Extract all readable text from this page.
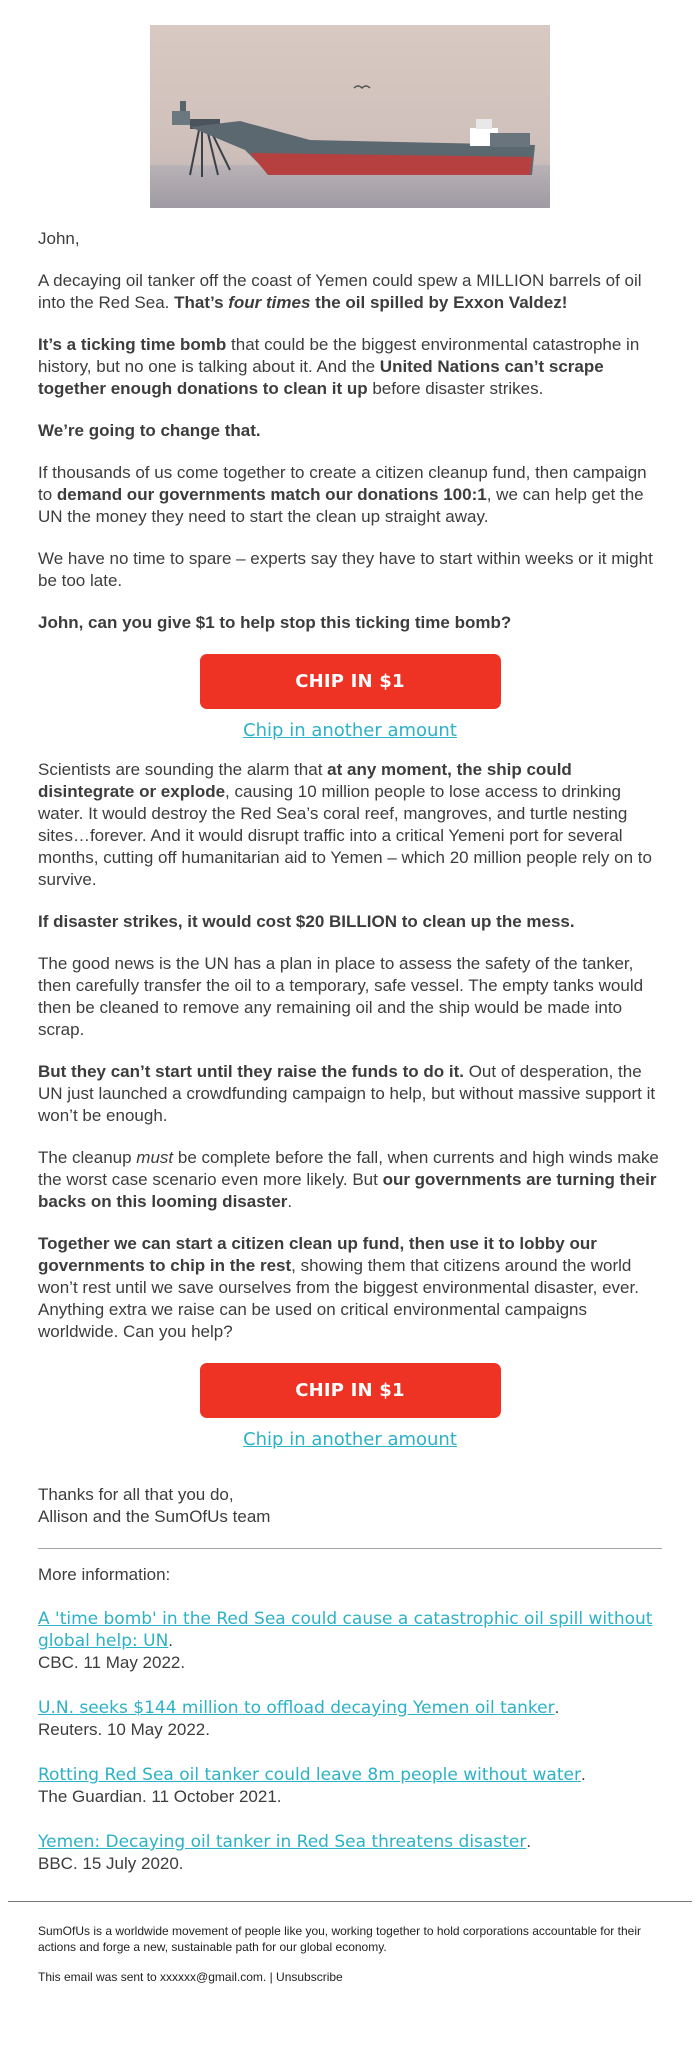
John,

A decaying oil tanker off the coast of Yemen could spew a MILLION barrels of oil into the Red Sea. That’s four times the oil spilled by Exxon Valdez!

It’s a ticking time bomb that could be the biggest environmental catastrophe in history, but no one is talking about it. And the United Nations can’t scrape together enough donations to clean it up before disaster strikes.

We’re going to change that.

If thousands of us come together to create a citizen cleanup fund, then campaign to demand our governments match our donations 100:1, we can help get the UN the money they need to start the clean up straight away.

We have no time to spare – experts say they have to start within weeks or it might be too late.

John, can you give $1 to help stop this ticking time bomb?

CHIP IN $1
Chip in another amount

Scientists are sounding the alarm that at any moment, the ship could disintegrate or explode, causing 10 million people to lose access to drinking water. It would destroy the Red Sea’s coral reef, mangroves, and turtle nesting sites…forever. And it would disrupt traffic into a critical Yemeni port for several months, cutting off humanitarian aid to Yemen – which 20 million people rely on to survive.

If disaster strikes, it would cost $20 BILLION to clean up the mess.

The good news is the UN has a plan in place to assess the safety of the tanker, then carefully transfer the oil to a temporary, safe vessel. The empty tanks would then be cleaned to remove any remaining oil and the ship would be made into scrap.

But they can’t start until they raise the funds to do it. Out of desperation, the UN just launched a crowdfunding campaign to help, but without massive support it won’t be enough.

The cleanup must be complete before the fall, when currents and high winds make the worst case scenario even more likely. But our governments are turning their backs on this looming disaster.

Together we can start a citizen clean up fund, then use it to lobby our governments to chip in the rest, showing them that citizens around the world won’t rest until we save ourselves from the biggest environmental disaster, ever. Anything extra we raise can be used on critical environmental campaigns worldwide. Can you help?

CHIP IN $1
Chip in another amount

Thanks for all that you do,
Allison and the SumOfUs team

More information:

A 'time bomb' in the Red Sea could cause a catastrophic oil spill without global help: UN.
CBC. 11 May 2022.
U.N. seeks $144 million to offload decaying Yemen oil tanker.
Reuters. 10 May 2022.
Rotting Red Sea oil tanker could leave 8m people without water.
The Guardian. 11 October 2021.
Yemen: Decaying oil tanker in Red Sea threatens disaster.
BBC. 15 July 2020.

SumOfUs is a worldwide movement of people like you, working together to hold corporations accountable for their actions and forge a new, sustainable path for our global economy.

This email was sent to xxxxxx@gmail.com. | Unsubscribe
